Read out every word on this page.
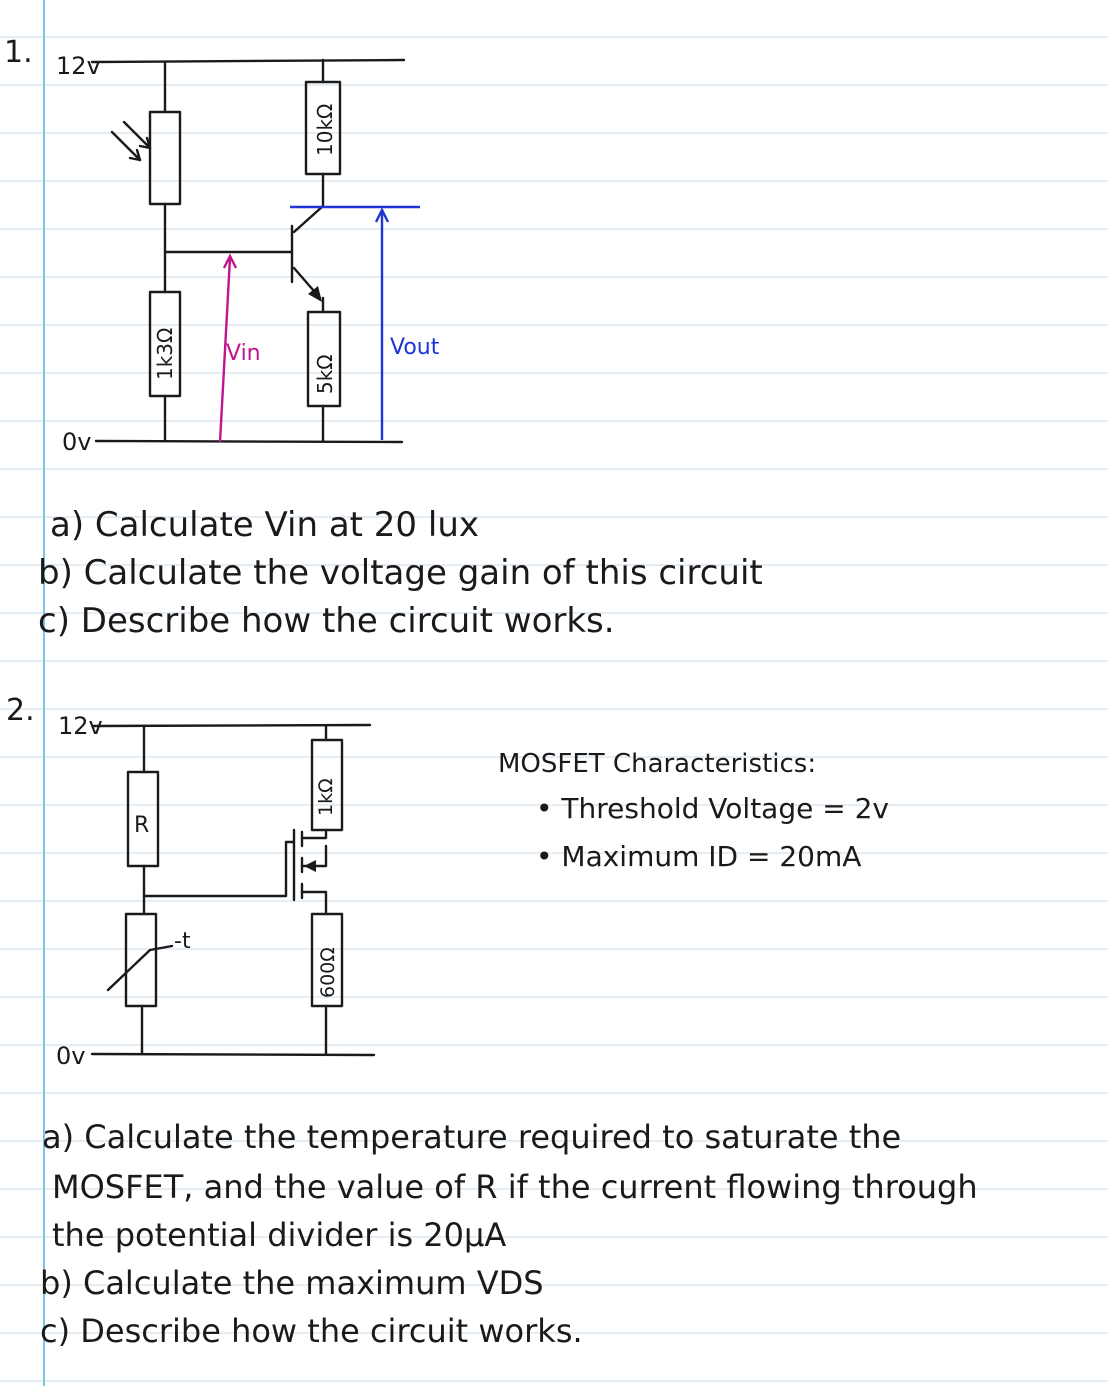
1. 12v
0v
1k3Ω
10kΩ
5kΩ
Vin	Vout
a) Calculate Vin at 20 lux
b) Calculate the voltage gain of this circuit
c) Describe how the circuit works.
2. 12v
0v
R
-t
1kΩ
600Ω
MOSFET Characteristics:
• Threshold Voltage = 2v
• Maximum ID = 20mA
a) Calculate the temperature required to saturate the
MOSFET, and the value of R if the current flowing through
the potential divider is 20μA
b) Calculate the maximum VDS
c) Describe how the circuit works.
